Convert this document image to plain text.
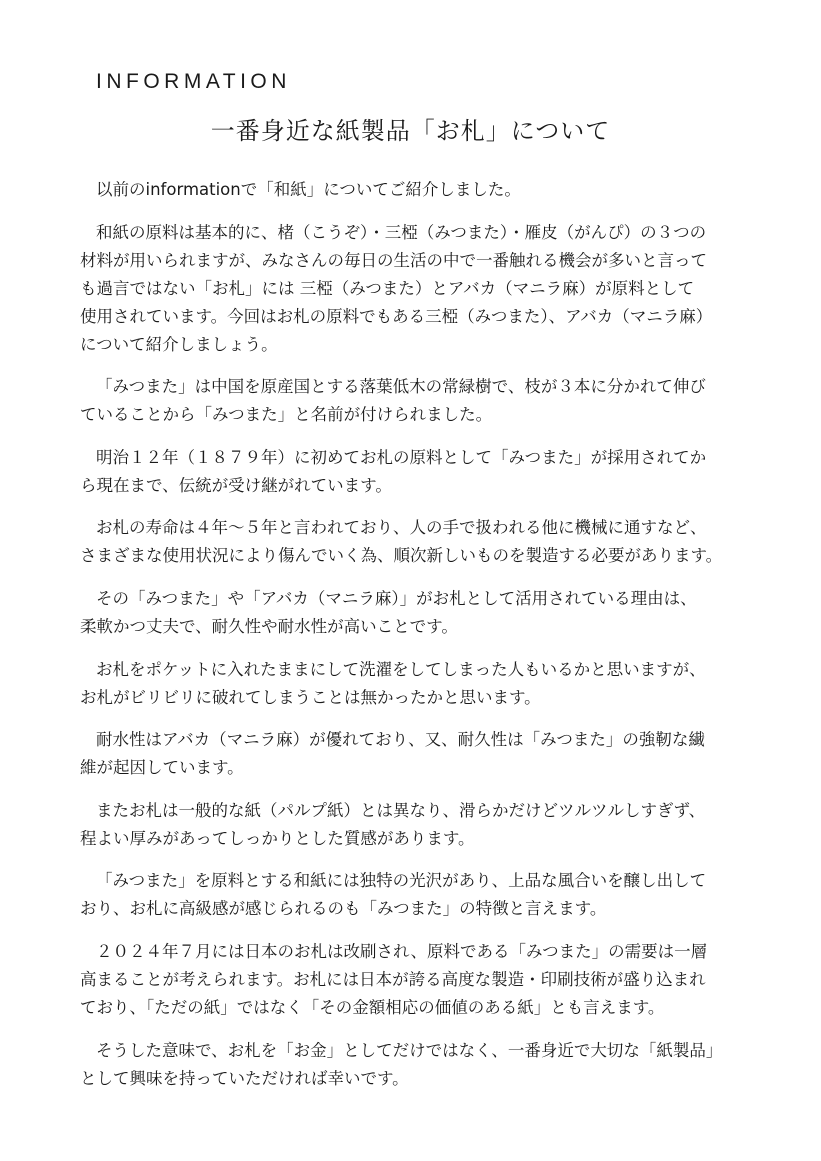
INFORMATION
一番身近な紙製品「お札」について
以前のinformationで「和紙」についてご紹介しました。
和紙の原料は基本的に、楮（こうぞ）・三椏（みつまた）・雁皮（がんぴ）の３つの
材料が用いられますが、みなさんの毎日の生活の中で一番触れる機会が多いと言って
も過言ではない「お札」には 三椏（みつまた）とアバカ（マニラ麻）が原料として
使用されています。今回はお札の原料でもある三椏（みつまた）、アバカ（マニラ麻）
について紹介しましょう。
「みつまた」は中国を原産国とする落葉低木の常緑樹で、枝が３本に分かれて伸び
ていることから「みつまた」と名前が付けられました。
明治１２年（１８７９年）に初めてお札の原料として「みつまた」が採用されてか
ら現在まで、伝統が受け継がれています。
お札の寿命は４年～５年と言われており、人の手で扱われる他に機械に通すなど、
さまざまな使用状況により傷んでいく為、順次新しいものを製造する必要があります。
その「みつまた」や「アバカ（マニラ麻）」がお札として活用されている理由は、
柔軟かつ丈夫で、耐久性や耐水性が高いことです。
お札をポケットに入れたままにして洗濯をしてしまった人もいるかと思いますが、
お札がビリビリに破れてしまうことは無かったかと思います。
耐水性はアバカ（マニラ麻）が優れており、又、耐久性は「みつまた」の強靭な繊
維が起因しています。
またお札は一般的な紙（パルプ紙）とは異なり、滑らかだけどツルツルしすぎず、
程よい厚みがあってしっかりとした質感があります。
「みつまた」を原料とする和紙には独特の光沢があり、上品な風合いを醸し出して
おり、お札に高級感が感じられるのも「みつまた」の特徴と言えます。
２０２４年７月には日本のお札は改刷され、原料である「みつまた」の需要は一層
高まることが考えられます。お札には日本が誇る高度な製造・印刷技術が盛り込まれ
ており、「ただの紙」ではなく「その金額相応の価値のある紙」とも言えます。
そうした意味で、お札を「お金」としてだけではなく、一番身近で大切な「紙製品」
として興味を持っていただければ幸いです。
